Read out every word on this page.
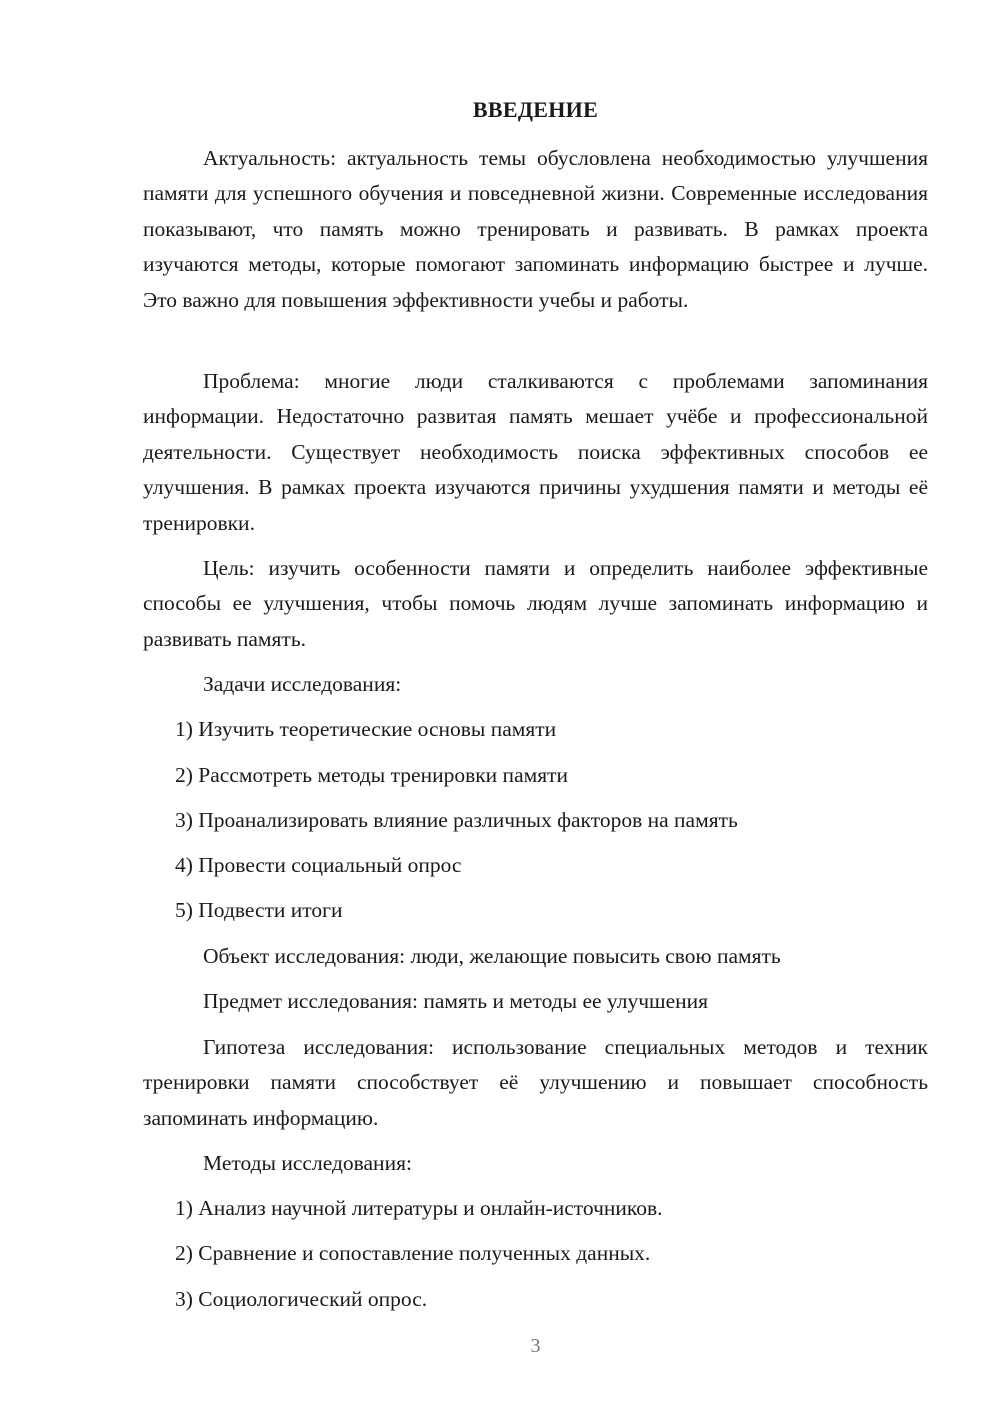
ВВЕДЕНИЕ

Актуальность: актуальность темы обусловлена необходимостью улучшения памяти для успешного обучения и повседневной жизни. Современные исследования показывают, что память можно тренировать и развивать. В рамках проекта изучаются методы, которые помогают запоминать информацию быстрее и лучше. Это важно для повышения эффективности учебы и работы.

Проблема: многие люди сталкиваются с проблемами запоминания информации. Недостаточно развитая память мешает учёбе и профессиональной деятельности. Существует необходимость поиска эффективных способов ее улучшения. В рамках проекта изучаются причины ухудшения памяти и методы её тренировки.

Цель: изучить особенности памяти и определить наиболее эффективные способы ее улучшения, чтобы помочь людям лучше запоминать информацию и развивать память.

Задачи исследования:

1) Изучить теоретические основы памяти

2) Рассмотреть методы тренировки памяти

3) Проанализировать влияние различных факторов на память

4) Провести социальный опрос

5) Подвести итоги

Объект исследования: люди, желающие повысить свою память

Предмет исследования: память и методы ее улучшения

Гипотеза исследования: использование специальных методов и техник тренировки памяти способствует её улучшению и повышает способность запоминать информацию.

Методы исследования:

1) Анализ научной литературы и онлайн-источников.

2) Сравнение и сопоставление полученных данных.

3) Социологический опрос.

3
